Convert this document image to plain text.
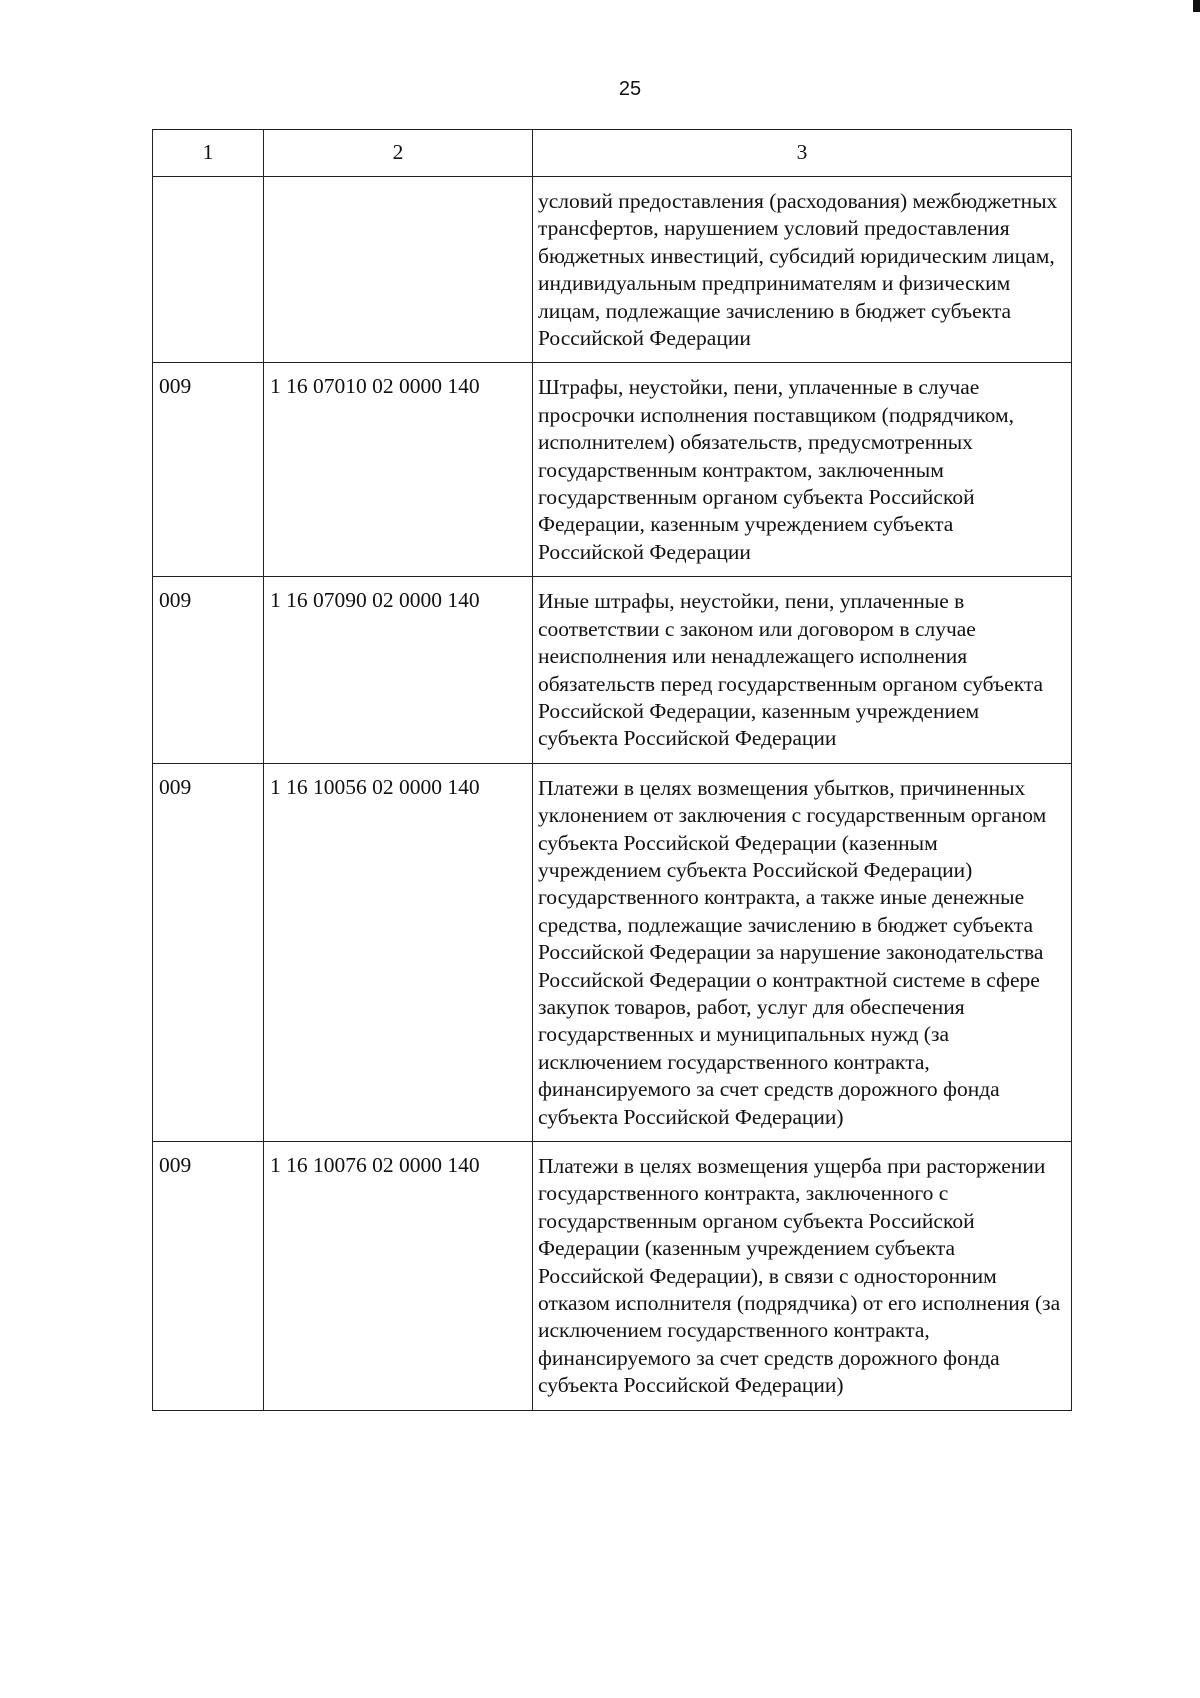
25
1	2	3
		условий предоставления (расходования) межбюджетных трансфертов, нарушением условий предоставления бюджетных инвестиций, субсидий юридическим лицам, индивидуальным предпринимателям и физическим лицам, подлежащие зачислению в бюджет субъекта Российской Федерации
009	1 16 07010 02 0000 140	Штрафы, неустойки, пени, уплаченные в случае просрочки исполнения поставщиком (подрядчиком, исполнителем) обязательств, предусмотренных государственным контрактом, заключенным государственным органом субъекта Российской Федерации, казенным учреждением субъекта Российской Федерации
009	1 16 07090 02 0000 140	Иные штрафы, неустойки, пени, уплаченные в соответствии с законом или договором в случае неисполнения или ненадлежащего исполнения обязательств перед государственным органом субъекта Российской Федерации, казенным учреждением субъекта Российской Федерации
009	1 16 10056 02 0000 140	Платежи в целях возмещения убытков, причиненных уклонением от заключения с государственным органом субъекта Российской Федерации (казенным учреждением субъекта Российской Федерации) государственного контракта, а также иные денежные средства, подлежащие зачислению в бюджет субъекта Российской Федерации за нарушение законодательства Российской Федерации о контрактной системе в сфере закупок товаров, работ, услуг для обеспечения государственных и муниципальных нужд (за исключением государственного контракта, финансируемого за счет средств дорожного фонда субъекта Российской Федерации)
009	1 16 10076 02 0000 140	Платежи в целях возмещения ущерба при расторжении государственного контракта, заключенного с государственным органом субъекта Российской Федерации (казенным учреждением субъекта Российской Федерации), в связи с односторонним отказом исполнителя (подрядчика) от его исполнения (за исключением государственного контракта, финансируемого за счет средств дорожного фонда субъекта Российской Федерации)
